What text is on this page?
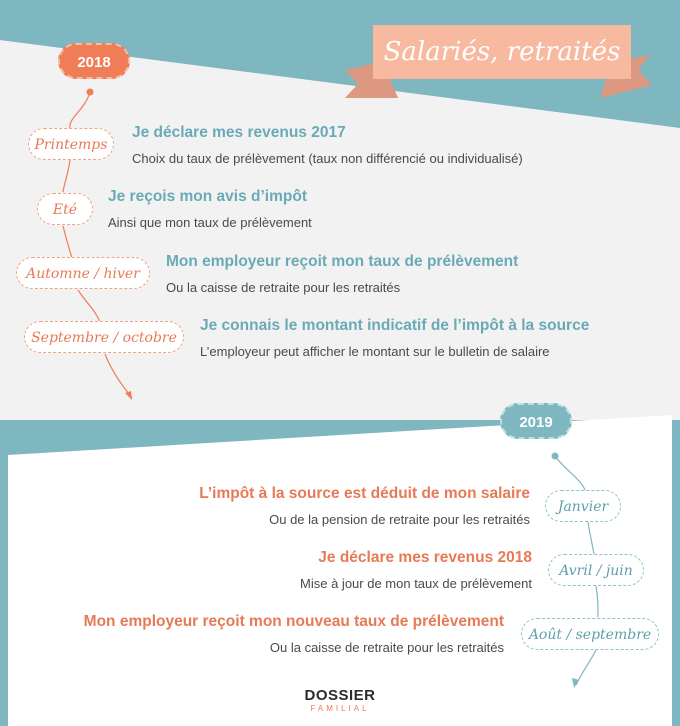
Salariés, retraités
2018
Printemps
Je déclare mes revenus 2017
Choix du taux de prélèvement (taux non différencié ou individualisé)
Eté
Je reçois mon avis d’impôt
Ainsi que mon taux de prélèvement
Automne / hiver
Mon employeur reçoit mon taux de prélèvement
Ou la caisse de retraite pour les retraités
Septembre / octobre
Je connais le montant indicatif de l’impôt à la source
L’employeur peut afficher le montant sur le bulletin de salaire
2019
Janvier
L’impôt à la source est déduit de mon salaire
Ou de la pension de retraite pour les retraités
Avril / juin
Je déclare mes revenus 2018
Mise à jour de mon taux de prélèvement
Août / septembre
Mon employeur reçoit mon nouveau taux de prélèvement
Ou la caisse de retraite pour les retraités
DOSSIER
FAMILIAL
